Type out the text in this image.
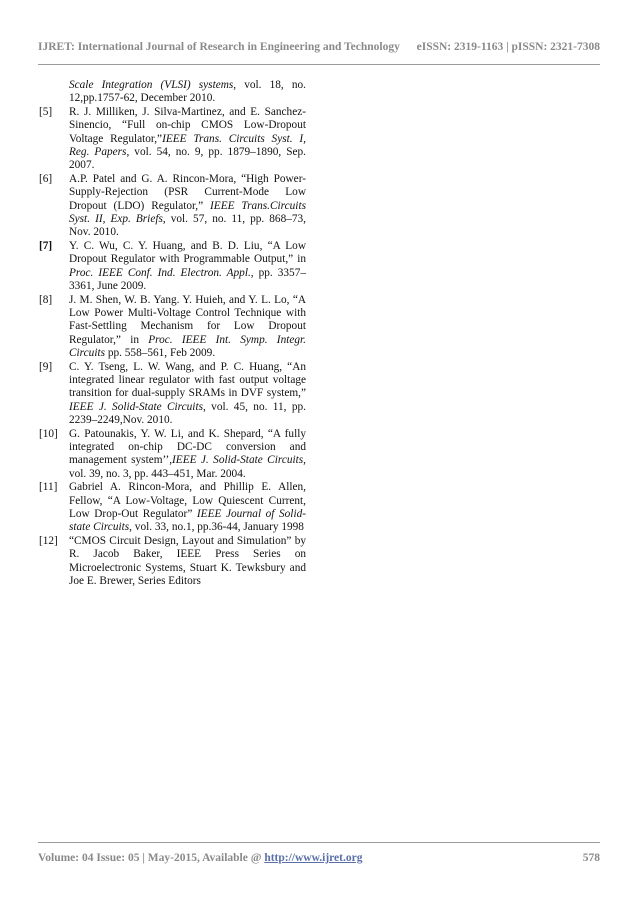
IJRET: International Journal of Research in Engineering and Technology eISSN: 2319-1163 | pISSN: 2321-7308
Scale Integration (VLSI) systems, vol. 18, no. 12,pp.1757-62, December 2010.
[5]	R. J. Milliken, J. Silva-Martinez, and E. Sanchez-Sinencio, “Full on-chip CMOS Low-Dropout Voltage Regulator,”IEEE Trans. Circuits Syst. I, Reg. Papers, vol. 54, no. 9, pp. 1879–1890, Sep. 2007.
[6]	A.P. Patel and G. A. Rincon-Mora, “High Power-Supply-Rejection (PSR Current-Mode Low Dropout (LDO) Regulator,” IEEE Trans.Circuits Syst. II, Exp. Briefs, vol. 57, no. 11, pp. 868–73, Nov. 2010.
[7]	Y. C. Wu, C. Y. Huang, and B. D. Liu, “A Low Dropout Regulator with Programmable Output,” in Proc. IEEE Conf. Ind. Electron. Appl., pp. 3357–3361, June 2009.
[8]	J. M. Shen, W. B. Yang. Y. Huieh, and Y. L. Lo, “A Low Power Multi-Voltage Control Technique with Fast-Settling Mechanism for Low Dropout Regulator,” in Proc. IEEE Int. Symp. Integr. Circuits pp. 558–561, Feb 2009.
[9]	C. Y. Tseng, L. W. Wang, and P. C. Huang, “An integrated linear regulator with fast output voltage transition for dual-supply SRAMs in DVF system,” IEEE J. Solid-State Circuits, vol. 45, no. 11, pp. 2239–2249,Nov. 2010.
[10] G. Patounakis, Y. W. Li, and K. Shepard, “A fully integrated on-chip DC-DC conversion and management system’’,IEEE J. Solid-State Circuits, vol. 39, no. 3, pp. 443–451, Mar. 2004.
[11]	Gabriel A. Rincon-Mora, and Phillip E. Allen, Fellow, “A Low-Voltage, Low Quiescent Current, Low Drop-Out Regulator” IEEE Journal of Solid-state Circuits, vol. 33, no.1, pp.36-44, January 1998
[12] “CMOS Circuit Design, Layout and Simulation” by R. Jacob Baker, IEEE Press Series on Microelectronic Systems, Stuart K. Tewksbury and Joe E. Brewer, Series Editors
Volume: 04 Issue: 05 | May-2015, Available @ http://www.ijret.org	578
